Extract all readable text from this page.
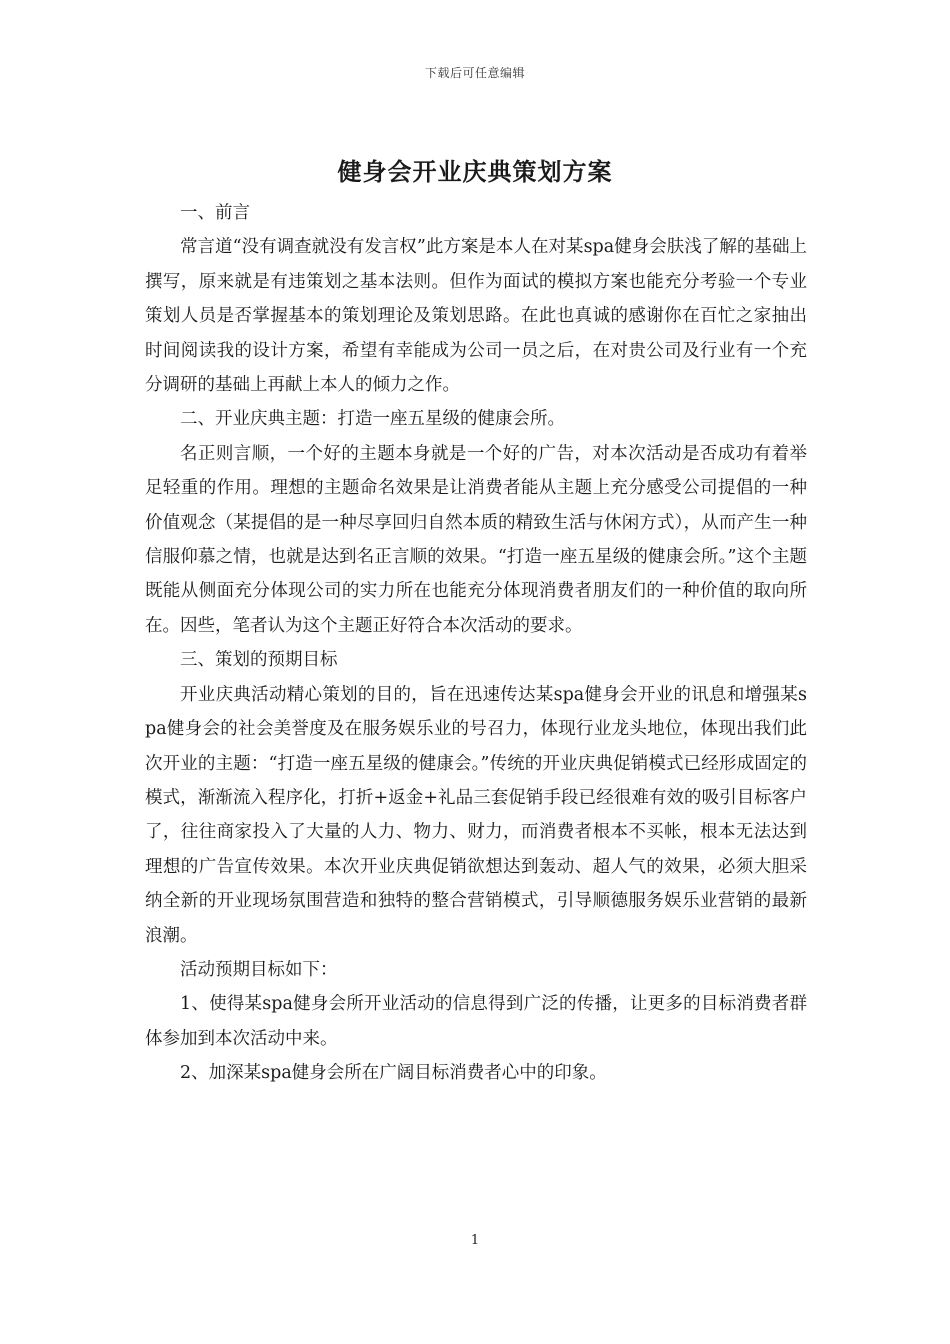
下载后可任意编辑
健身会开业庆典策划方案

一、前言

常言道“没有调查就没有发言权”此方案是本人在对某spa健身会肤浅了解的基础上撰写，原来就是有违策划之基本法则。但作为面试的模拟方案也能充分考验一个专业策划人员是否掌握基本的策划理论及策划思路。在此也真诚的感谢你在百忙之家抽出时间阅读我的设计方案，希望有幸能成为公司一员之后，在对贵公司及行业有一个充分调研的基础上再献上本人的倾力之作。

二、开业庆典主题：打造一座五星级的健康会所。

名正则言顺，一个好的主题本身就是一个好的广告，对本次活动是否成功有着举足轻重的作用。理想的主题命名效果是让消费者能从主题上充分感受公司提倡的一种价值观念（某提倡的是一种尽享回归自然本质的精致生活与休闲方式），从而产生一种信服仰慕之情，也就是达到名正言顺的效果。“打造一座五星级的健康会所。”这个主题既能从侧面充分体现公司的实力所在也能充分体现消费者朋友们的一种价值的取向所在。因些，笔者认为这个主题正好符合本次活动的要求。

三、策划的预期目标

开业庆典活动精心策划的目的，旨在迅速传达某spa健身会开业的讯息和增强某spa健身会的社会美誉度及在服务娱乐业的号召力，体现行业龙头地位，体现出我们此次开业的主题：“打造一座五星级的健康会。”传统的开业庆典促销模式已经形成固定的模式，渐渐流入程序化，打折+返金+礼品三套促销手段已经很难有效的吸引目标客户了，往往商家投入了大量的人力、物力、财力，而消费者根本不买帐，根本无法达到理想的广告宣传效果。本次开业庆典促销欲想达到轰动、超人气的效果，必须大胆采纳全新的开业现场氛围营造和独特的整合营销模式，引导顺德服务娱乐业营销的最新浪潮。

活动预期目标如下：

1、使得某spa健身会所开业活动的信息得到广泛的传播，让更多的目标消费者群体参加到本次活动中来。

2、加深某spa健身会所在广阔目标消费者心中的印象。

1
